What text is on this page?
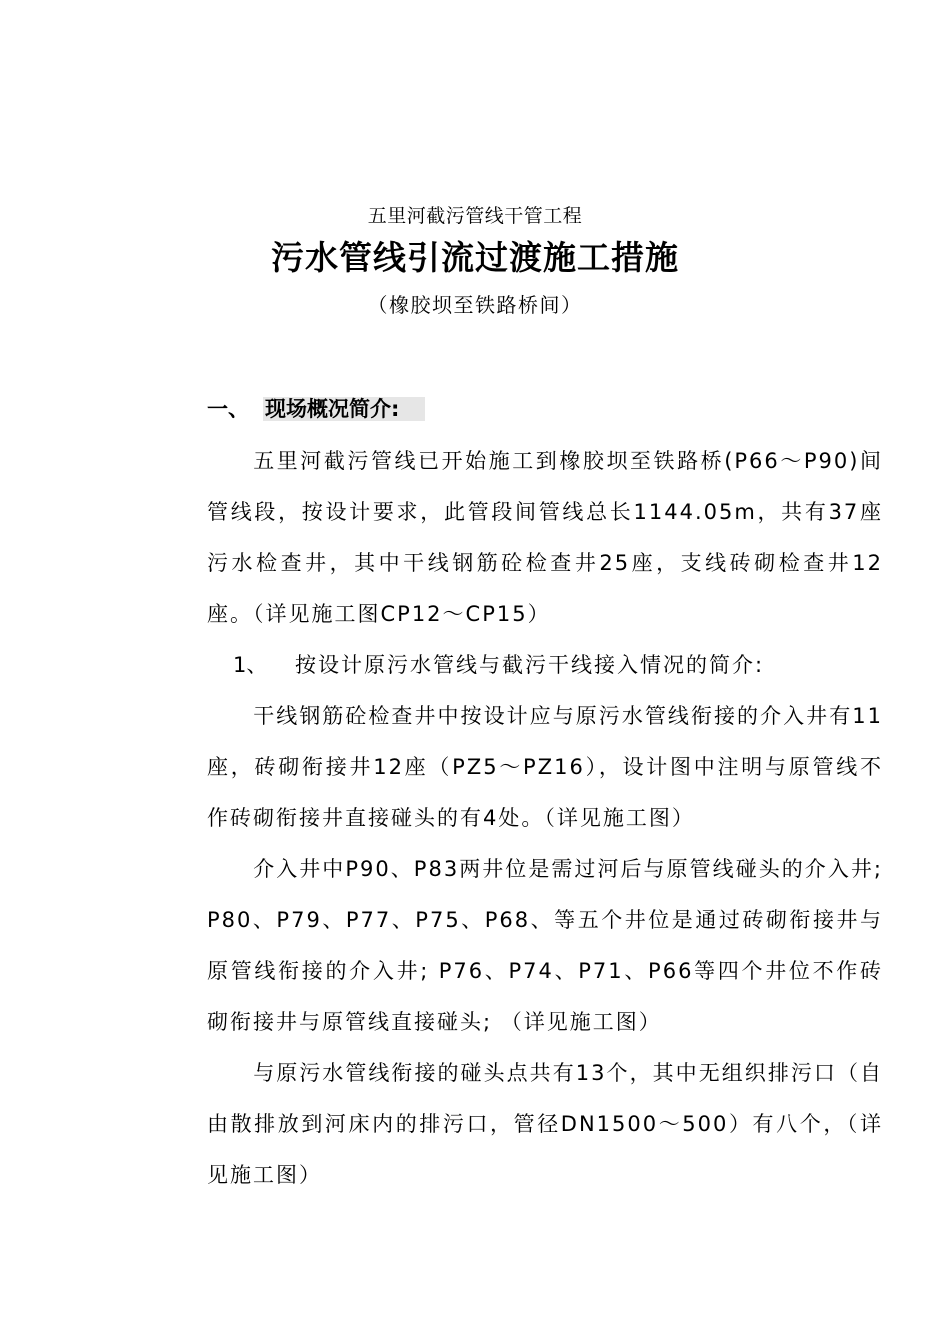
五里河截污管线干管工程
污水管线引流过渡施工措施
（橡胶坝至铁路桥间）
一、 现场概况简介:

五里河截污管线已开始施工到橡胶坝至铁路桥(P66～P90)间管线段，按设计要求，此管段间管线总长1144.05m，共有37座污水检查井，其中干线钢筋砼检查井25座，支线砖砌检查井12座。（详见施工图CP12～CP15）

1、 按设计原污水管线与截污干线接入情况的简介:

干线钢筋砼检查井中按设计应与原污水管线衔接的介入井有11座，砖砌衔接井12座（PZ5～PZ16），设计图中注明与原管线不作砖砌衔接井直接碰头的有4处。（详见施工图）

介入井中P90、P83两井位是需过河后与原管线碰头的介入井; P80、P79、P77、P75、P68、等五个井位是通过砖砌衔接井与原管线衔接的介入井; P76、P74、P71、P66等四个井位不作砖砌衔接井与原管线直接碰头; （详见施工图）

与原污水管线衔接的碰头点共有13个，其中无组织排污口（自由散排放到河床内的排污口，管径DN1500～500）有八个，（详见施工图）
